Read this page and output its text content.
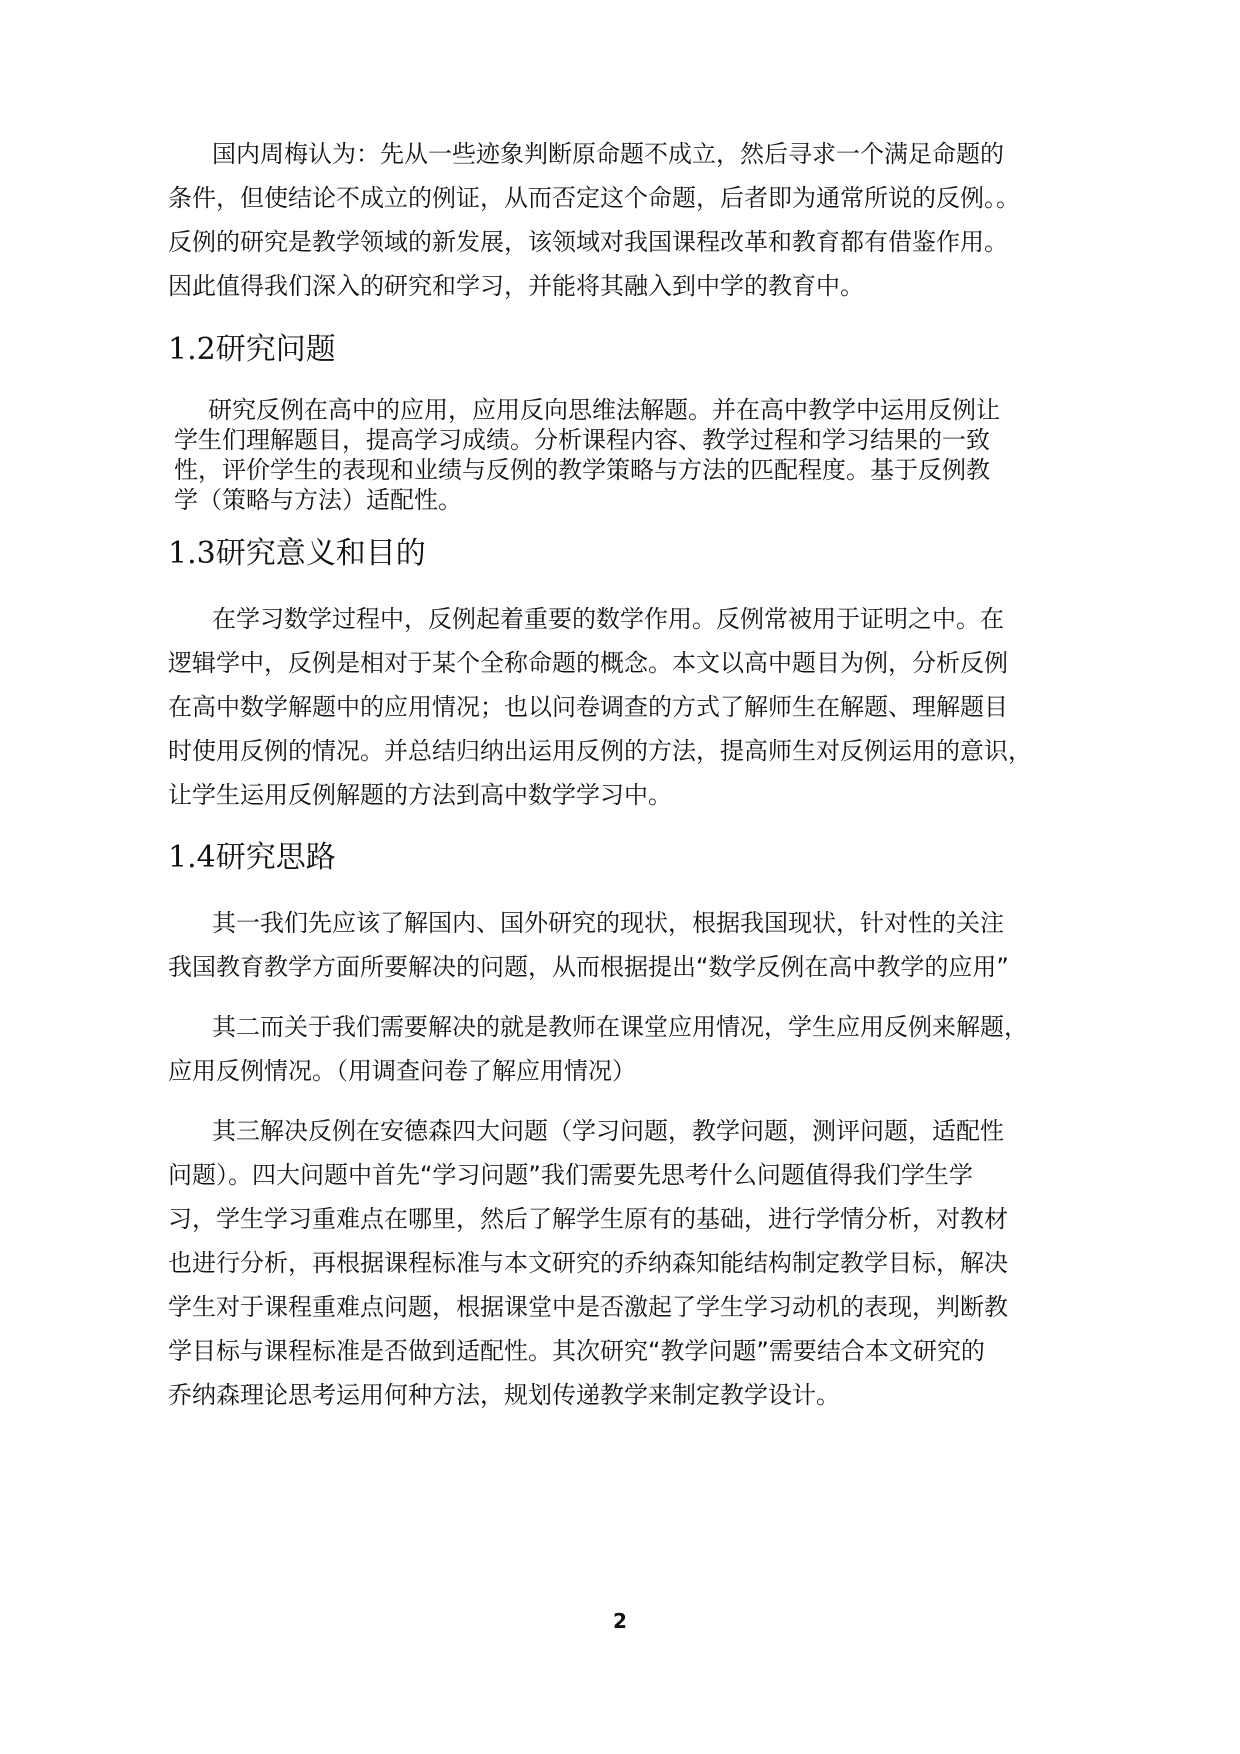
国内周梅认为：先从一些迹象判断原命题不成立，然后寻求一个满足命题的
条件，但使结论不成立的例证，从而否定这个命题，后者即为通常所说的反例。。
反例的研究是教学领域的新发展，该领域对我国课程改革和教育都有借鉴作用。
因此值得我们深入的研究和学习，并能将其融入到中学的教育中。
1.2研究问题
研究反例在高中的应用，应用反向思维法解题。并在高中教学中运用反例让
学生们理解题目，提高学习成绩。分析课程内容、教学过程和学习结果的一致
性，评价学生的表现和业绩与反例的教学策略与方法的匹配程度。基于反例教
学（策略与方法）适配性。
1.3研究意义和目的
在学习数学过程中，反例起着重要的数学作用。反例常被用于证明之中。在
逻辑学中，反例是相对于某个全称命题的概念。本文以高中题目为例，分析反例
在高中数学解题中的应用情况；也以问卷调查的方式了解师生在解题、理解题目
时使用反例的情况。并总结归纳出运用反例的方法，提高师生对反例运用的意识，
让学生运用反例解题的方法到高中数学学习中。
1.4研究思路
其一我们先应该了解国内、国外研究的现状，根据我国现状，针对性的关注
我国教育教学方面所要解决的问题，从而根据提出“数学反例在高中教学的应用”
其二而关于我们需要解决的就是教师在课堂应用情况，学生应用反例来解题，
应用反例情况。（用调查问卷了解应用情况）
其三解决反例在安德森四大问题（学习问题，教学问题，测评问题，适配性
问题）。四大问题中首先“学习问题”我们需要先思考什么问题值得我们学生学
习，学生学习重难点在哪里，然后了解学生原有的基础，进行学情分析，对教材
也进行分析，再根据课程标准与本文研究的乔纳森知能结构制定教学目标，解决
学生对于课程重难点问题，根据课堂中是否激起了学生学习动机的表现，判断教
学目标与课程标准是否做到适配性。其次研究“教学问题”需要结合本文研究的
乔纳森理论思考运用何种方法，规划传递教学来制定教学设计。
2
